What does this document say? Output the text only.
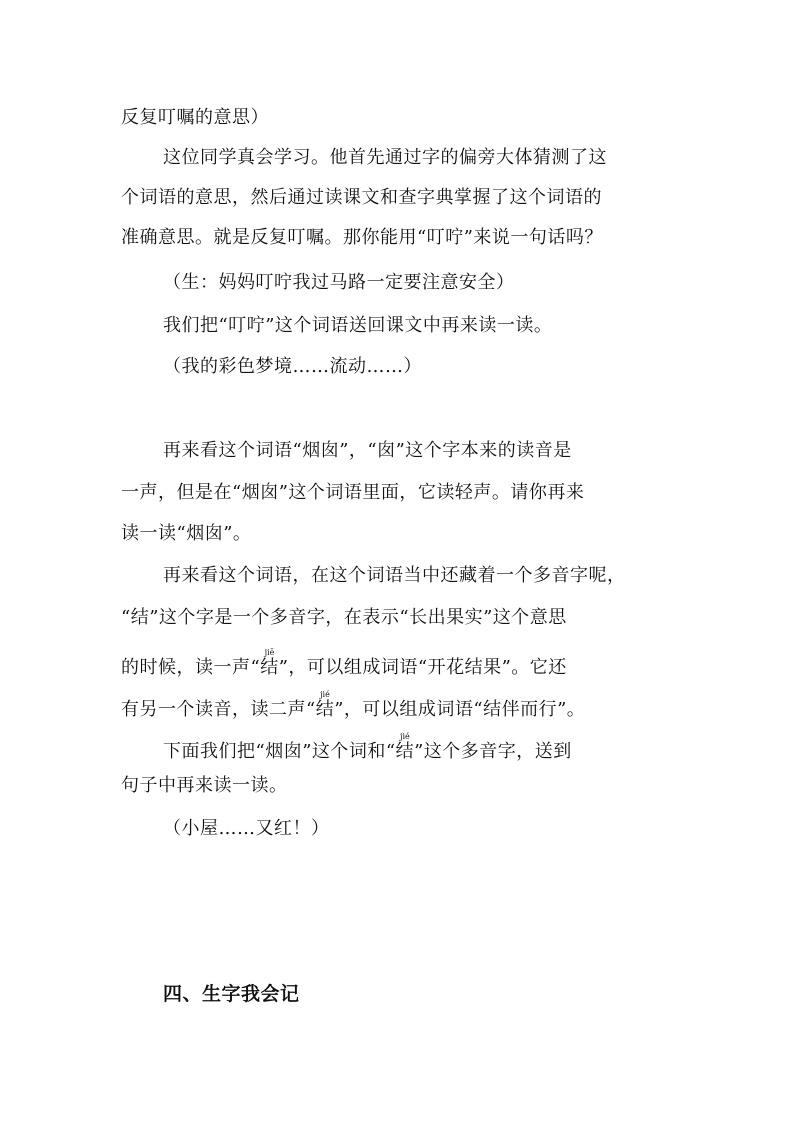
反复叮嘱的意思）
这位同学真会学习。他首先通过字的偏旁大体猜测了这
个词语的意思，然后通过读课文和查字典掌握了这个词语的
准确意思。就是反复叮嘱。那你能用“叮咛”来说一句话吗？
（生：妈妈叮咛我过马路一定要注意安全）
我们把“叮咛”这个词语送回课文中再来读一读。
（我的彩色梦境……流动……）
再来看这个词语“烟囱”，“囱”这个字本来的读音是
一声，但是在“烟囱”这个词语里面，它读轻声。请你再来
读一读“烟囱”。
再来看这个词语，在这个词语当中还藏着一个多音字呢，
“结”这个字是一个多音字，在表示“长出果实”这个意思
的时候，读一声“结jiē”，可以组成词语“开花结果”。它还
有另一个读音，读二声“结jié”，可以组成词语“结伴而行”。
下面我们把“烟囱”这个词和“结jié”这个多音字，送到
句子中再来读一读。
（小屋……又红！）
四、生字我会记
